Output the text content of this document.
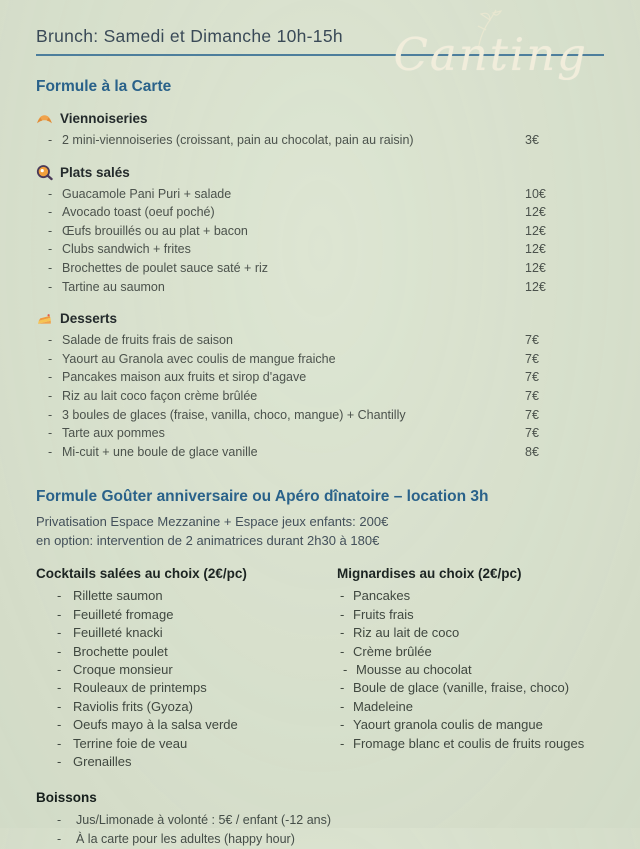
Brunch: Samedi et Dimanche 10h-15h	Canting
Formule à la Carte
Viennoiseries
-
2 mini-viennoiseries (croissant, pain au chocolat, pain au raisin)	3€
Plats salés
-
Guacamole Pani Puri + salade	10€
-
Avocado toast (oeuf poché)	12€
-
Œufs brouillés ou au plat + bacon	12€
-
Clubs sandwich + frites	12€
-
Brochettes de poulet sauce saté + riz	12€
-
Tartine au saumon	12€
Desserts
-
Salade de fruits frais de saison	7€
-
Yaourt au Granola avec coulis de mangue fraiche	7€
-
Pancakes maison aux fruits et sirop d'agave	7€
-
Riz au lait coco façon crème brûlée	7€
-
3 boules de glaces (fraise, vanilla, choco, mangue) + Chantilly	7€
-
Tarte aux pommes	7€
-
Mi-cuit + une boule de glace vanille	8€
Formule Goûter anniversaire ou Apéro dînatoire – location 3h
Privatisation Espace Mezzanine + Espace jeux enfants: 200€
en option: intervention de 2 animatrices durant 2h30 à 180€
Cocktails salées au choix (2€/pc)
-
Rillette saumon
-
Feuilleté fromage
-
Feuilleté knacki
-
Brochette poulet
-
Croque monsieur
-
Rouleaux de printemps
-
Raviolis frits (Gyoza)
-
Oeufs mayo à la salsa verde
-
Terrine foie de veau
-
Grenailles
Mignardises au choix (2€/pc)
-
Pancakes
-
Fruits frais
-
Riz au lait de coco
-
Crème brûlée
-
Mousse au chocolat
-
Boule de glace (vanille, fraise, choco)
-
Madeleine
-
Yaourt granola coulis de mangue
-
Fromage blanc et coulis de fruits rouges
Boissons
-
Jus/Limonade à volonté : 5€ / enfant (-12 ans)
-
À la carte pour les adultes (happy hour)
